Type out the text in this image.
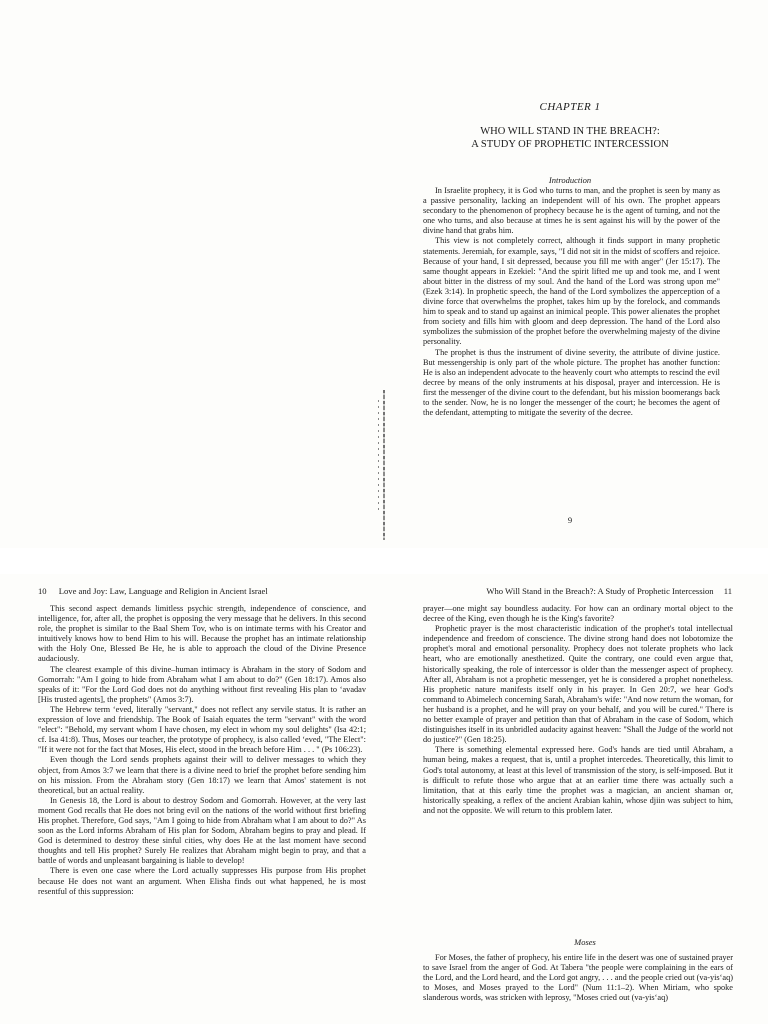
CHAPTER 1
WHO WILL STAND IN THE BREACH?:
A STUDY OF PROPHETIC INTERCESSION
Introduction

In Israelite prophecy, it is God who turns to man, and the prophet is seen by many as a passive personality, lacking an independent will of his own. The prophet appears secondary to the phenomenon of prophecy because he is the agent of turning, and not the one who turns, and also because at times he is sent against his will by the power of the divine hand that grabs him.

This view is not completely correct, although it finds support in many prophetic statements. Jeremiah, for example, says, "I did not sit in the midst of scoffers and rejoice. Because of your hand, I sit depressed, because you fill me with anger" (Jer 15:17). The same thought appears in Ezekiel: "And the spirit lifted me up and took me, and I went about bitter in the distress of my soul. And the hand of the Lord was strong upon me" (Ezek 3:14). In prophetic speech, the hand of the Lord symbolizes the apperception of a divine force that overwhelms the prophet, takes him up by the forelock, and commands him to speak and to stand up against an inimical people. This power alienates the prophet from society and fills him with gloom and deep depression. The hand of the Lord also symbolizes the submission of the prophet before the overwhelming majesty of the divine personality.

The prophet is thus the instrument of divine severity, the attribute of divine justice. But messengership is only part of the whole picture. The prophet has another function: He is also an independent advocate to the heavenly court who attempts to rescind the evil decree by means of the only instruments at his disposal, prayer and intercession. He is first the messenger of the divine court to the defendant, but his mission boomerangs back to the sender. Now, he is no longer the messenger of the court; he becomes the agent of the defendant, attempting to mitigate the severity of the decree.

9
10 Love and Joy: Law, Language and Religion in Ancient Israel

This second aspect demands limitless psychic strength, independence of conscience, and intelligence, for, after all, the prophet is opposing the very message that he delivers. In this second role, the prophet is similar to the Baal Shem Tov, who is on intimate terms with his Creator and intuitively knows how to bend Him to his will. Because the prophet has an intimate relationship with the Holy One, Blessed Be He, he is able to approach the cloud of the Divine Presence audaciously.

The clearest example of this divine–human intimacy is Abraham in the story of Sodom and Gomorrah: "Am I going to hide from Abraham what I am about to do?" (Gen 18:17). Amos also speaks of it: "For the Lord God does not do anything without first revealing His plan to ‘avadav [His trusted agents], the prophets" (Amos 3:7).

The Hebrew term ‘eved, literally "servant," does not reflect any servile status. It is rather an expression of love and friendship. The Book of Isaiah equates the term "servant" with the word "elect": "Behold, my servant whom I have chosen, my elect in whom my soul delights" (Isa 42:1; cf. Isa 41:8). Thus, Moses our teacher, the prototype of prophecy, is also called ‘eved, "The Elect": "If it were not for the fact that Moses, His elect, stood in the breach before Him . . . " (Ps 106:23).

Even though the Lord sends prophets against their will to deliver messages to which they object, from Amos 3:7 we learn that there is a divine need to brief the prophet before sending him on his mission. From the Abraham story (Gen 18:17) we learn that Amos' statement is not theoretical, but an actual reality.

In Genesis 18, the Lord is about to destroy Sodom and Gomorrah. However, at the very last moment God recalls that He does not bring evil on the nations of the world without first briefing His prophet. Therefore, God says, "Am I going to hide from Abraham what I am about to do?" As soon as the Lord informs Abraham of His plan for Sodom, Abraham begins to pray and plead. If God is determined to destroy these sinful cities, why does He at the last moment have second thoughts and tell His prophet? Surely He realizes that Abraham might begin to pray, and that a battle of words and unpleasant bargaining is liable to develop!

There is even one case where the Lord actually suppresses His purpose from His prophet because He does not want an argument. When Elisha finds out what happened, he is most resentful of this suppression:

Who Will Stand in the Breach?: A Study of Prophetic Intercession 11

prayer—one might say boundless audacity. For how can an ordinary mortal object to the decree of the King, even though he is the King's favorite?

Prophetic prayer is the most characteristic indication of the prophet's total intellectual independence and freedom of conscience. The divine strong hand does not lobotomize the prophet's moral and emotional personality. Prophecy does not tolerate prophets who lack heart, who are emotionally anesthetized. Quite the contrary, one could even argue that, historically speaking, the role of intercessor is older than the messenger aspect of prophecy. After all, Abraham is not a prophetic messenger, yet he is considered a prophet nonetheless. His prophetic nature manifests itself only in his prayer. In Gen 20:7, we hear God's command to Abimelech concerning Sarah, Abraham's wife: "And now return the woman, for her husband is a prophet, and he will pray on your behalf, and you will be cured." There is no better example of prayer and petition than that of Abraham in the case of Sodom, which distinguishes itself in its unbridled audacity against heaven: "Shall the Judge of the world not do justice?" (Gen 18:25).

There is something elemental expressed here. God's hands are tied until Abraham, a human being, makes a request, that is, until a prophet intercedes. Theoretically, this limit to God's total autonomy, at least at this level of transmission of the story, is self-imposed. But it is difficult to refute those who argue that at an earlier time there was actually such a limitation, that at this early time the prophet was a magician, an ancient shaman or, historically speaking, a reflex of the ancient Arabian kahin, whose djiin was subject to him, and not the opposite. We will return to this problem later.

Moses

For Moses, the father of prophecy, his entire life in the desert was one of sustained prayer to save Israel from the anger of God. At Tabera "the people were complaining in the ears of the Lord, and the Lord heard, and the Lord got angry, . . . and the people cried out (va-yis‘aq) to Moses, and Moses prayed to the Lord" (Num 11:1–2). When Miriam, who spoke slanderous words, was stricken with leprosy, "Moses cried out (va-yis‘aq)
